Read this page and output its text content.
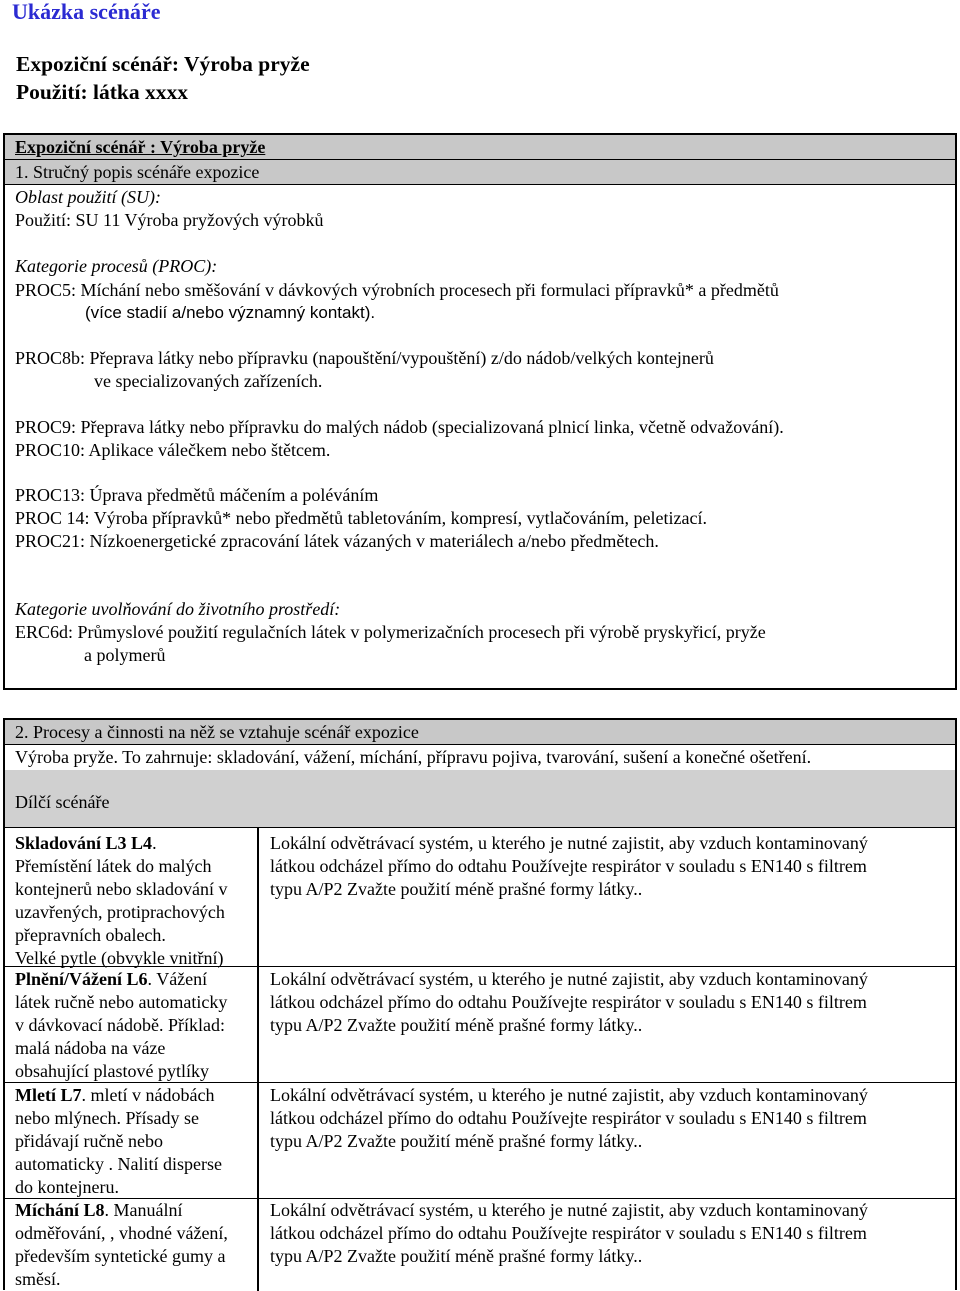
Ukázka scénáře
Expoziční scénář: Výroba pryže
Použití: látka xxxx
Expoziční scénář : Výroba pryže
1. Stručný popis scénáře expozice
Oblast použití (SU):
Použití: SU 11 Výroba pryžových výrobků
Kategorie procesů (PROC):
PROC5: Míchání nebo směšování v dávkových výrobních procesech při formulaci přípravků* a předmětů
(více stadií a/nebo významný kontakt).
PROC8b: Přeprava látky nebo přípravku (napouštění/vypouštění) z/do nádob/velkých kontejnerů
ve specializovaných zařízeních.
PROC9: Přeprava látky nebo přípravku do malých nádob (specializovaná plnicí linka, včetně odvažování).
PROC10: Aplikace válečkem nebo štětcem.
PROC13: Úprava předmětů máčením a poléváním
PROC 14: Výroba přípravků* nebo předmětů tabletováním, kompresí, vytlačováním, peletizací.
PROC21: Nízkoenergetické zpracování látek vázaných v materiálech a/nebo předmětech.
Kategorie uvolňování do životního prostředí:
ERC6d: Průmyslové použití regulačních látek v polymerizačních procesech při výrobě pryskyřicí, pryže
a polymerů
2. Procesy a činnosti na něž se vztahuje scénář expozice
Výroba pryže. To zahrnuje: skladování, vážení, míchání, přípravu pojiva, tvarování, sušení a konečné ošetření.
Dílčí scénáře
Skladování L3 L4.
Přemístění látek do malých
kontejnerů nebo skladování v
uzavřených, protiprachových
přepravních obalech.
Velké pytle (obvykle vnitřní)
Lokální odvětrávací systém, u kterého je nutné zajistit, aby vzduch kontaminovaný
látkou odcházel přímo do odtahu Používejte respirátor v souladu s EN140 s filtrem
typu A/P2 Zvažte použití méně prašné formy látky..
Plnění/Vážení L6. Vážení
látek ručně nebo automaticky
v dávkovací nádobě. Příklad:
malá nádoba na váze
obsahující plastové pytlíky
Lokální odvětrávací systém, u kterého je nutné zajistit, aby vzduch kontaminovaný
látkou odcházel přímo do odtahu Používejte respirátor v souladu s EN140 s filtrem
typu A/P2 Zvažte použití méně prašné formy látky..
Mletí L7. mletí v nádobách
nebo mlýnech. Přísady se
přidávají ručně nebo
automaticky . Nalití disperse
do kontejneru.
Lokální odvětrávací systém, u kterého je nutné zajistit, aby vzduch kontaminovaný
látkou odcházel přímo do odtahu Používejte respirátor v souladu s EN140 s filtrem
typu A/P2 Zvažte použití méně prašné formy látky..
Míchání L8. Manuální
odměřování, , vhodné vážení,
především syntetické gumy a
směsí.
Lokální odvětrávací systém, u kterého je nutné zajistit, aby vzduch kontaminovaný
látkou odcházel přímo do odtahu Používejte respirátor v souladu s EN140 s filtrem
typu A/P2 Zvažte použití méně prašné formy látky..
